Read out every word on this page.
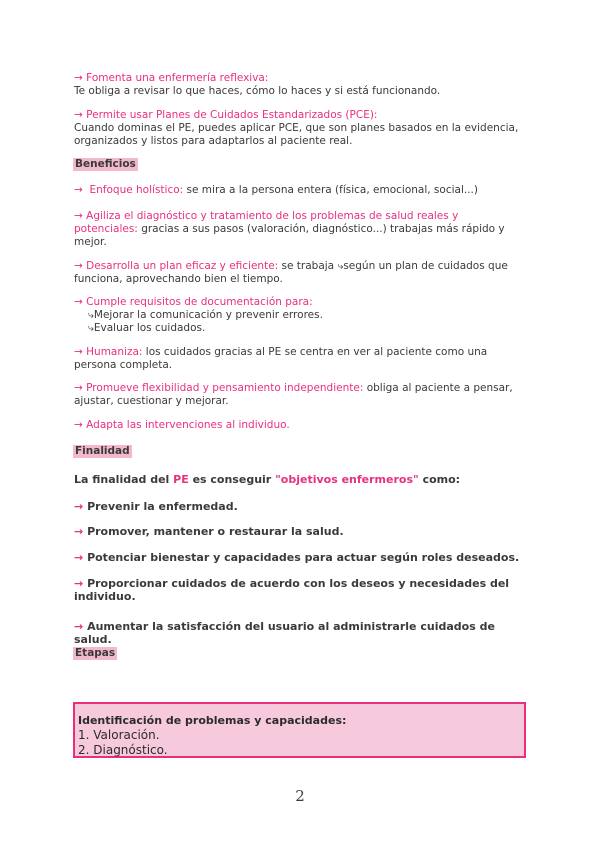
→ Fomenta una enfermería reflexiva:
Te obliga a revisar lo que haces, cómo lo haces y si está funcionando.
→ Permite usar Planes de Cuidados Estandarizados (PCE):
Cuando dominas el PE, puedes aplicar PCE, que son planes basados en la evidencia, organizados y listos para adaptarlos al paciente real.
Beneficios
→ Enfoque holístico: se mira a la persona entera (física, emocional, social...)
→ Agiliza el diagnóstico y tratamiento de los problemas de salud reales y potenciales: gracias a sus pasos (valoración, diagnóstico...) trabajas más rápido y mejor.
→ Desarrolla un plan eficaz y eficiente: se trabaja ⤷según un plan de cuidados que funciona, aprovechando bien el tiempo.
→ Cumple requisitos de documentación para:
⤷Mejorar la comunicación y prevenir errores.
⤷Evaluar los cuidados.
→ Humaniza: los cuidados gracias al PE se centra en ver al paciente como una persona completa.
→ Promueve flexibilidad y pensamiento independiente: obliga al paciente a pensar, ajustar, cuestionar y mejorar.
→ Adapta las intervenciones al individuo.
Finalidad
La finalidad del PE es conseguir "objetivos enfermeros" como:
→ Prevenir la enfermedad.
→ Promover, mantener o restaurar la salud.
→ Potenciar bienestar y capacidades para actuar según roles deseados.
→ Proporcionar cuidados de acuerdo con los deseos y necesidades del individuo.
→ Aumentar la satisfacción del usuario al administrarle cuidados de salud.
Etapas
Identificación de problemas y capacidades:
1. Valoración.
2. Diagnóstico.
2
